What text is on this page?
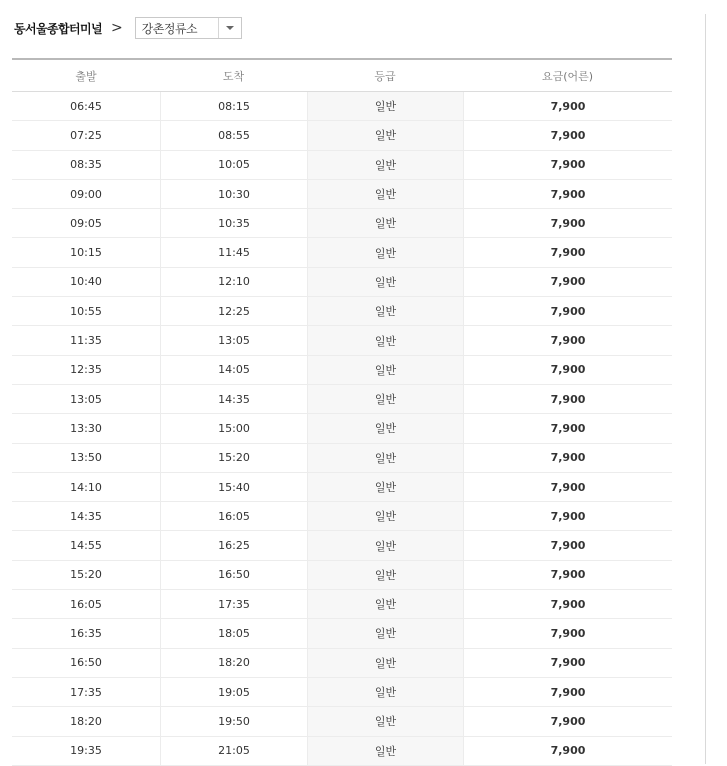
동서울종합터미널 >	강촌정류소
출발	도착	등급	요금(어른)
06:45	08:15	일반	7,900
07:25	08:55	일반	7,900
08:35	10:05	일반	7,900
09:00	10:30	일반	7,900
09:05	10:35	일반	7,900
10:15	11:45	일반	7,900
10:40	12:10	일반	7,900
10:55	12:25	일반	7,900
11:35	13:05	일반	7,900
12:35	14:05	일반	7,900
13:05	14:35	일반	7,900
13:30	15:00	일반	7,900
13:50	15:20	일반	7,900
14:10	15:40	일반	7,900
14:35	16:05	일반	7,900
14:55	16:25	일반	7,900
15:20	16:50	일반	7,900
16:05	17:35	일반	7,900
16:35	18:05	일반	7,900
16:50	18:20	일반	7,900
17:35	19:05	일반	7,900
18:20	19:50	일반	7,900
19:35	21:05	일반	7,900
